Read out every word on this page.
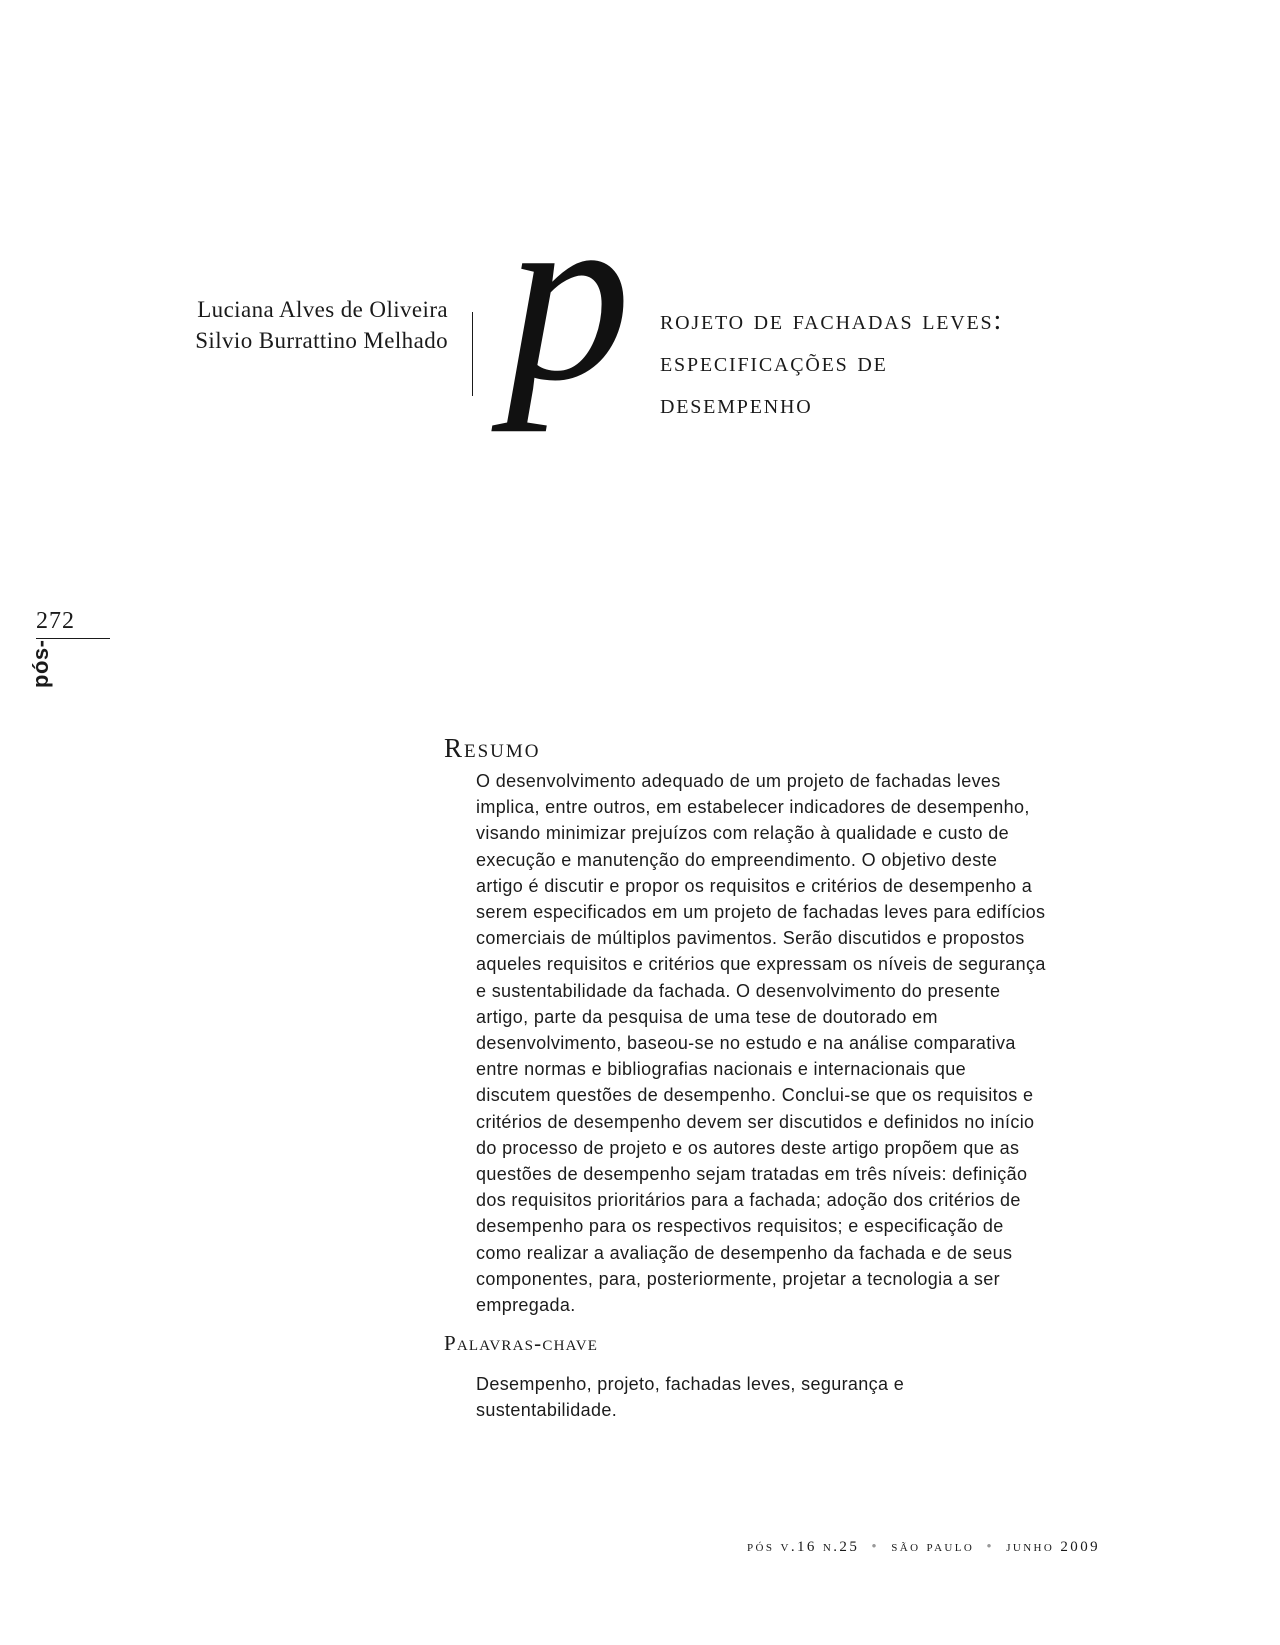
Luciana Alves de Oliveira
Silvio Burrattino Melhado p rojeto de fachadas leves:
especificações de
desempenho
272
pós-
Resumo
O desenvolvimento adequado de um projeto de fachadas leves
implica, entre outros, em estabelecer indicadores de desempenho,
visando minimizar prejuízos com relação à qualidade e custo de
execução e manutenção do empreendimento. O objetivo deste
artigo é discutir e propor os requisitos e critérios de desempenho a
serem especificados em um projeto de fachadas leves para edifícios
comerciais de múltiplos pavimentos. Serão discutidos e propostos
aqueles requisitos e critérios que expressam os níveis de segurança
e sustentabilidade da fachada. O desenvolvimento do presente
artigo, parte da pesquisa de uma tese de doutorado em
desenvolvimento, baseou-se no estudo e na análise comparativa
entre normas e bibliografias nacionais e internacionais que
discutem questões de desempenho. Conclui-se que os requisitos e
critérios de desempenho devem ser discutidos e definidos no início
do processo de projeto e os autores deste artigo propõem que as
questões de desempenho sejam tratadas em três níveis: definição
dos requisitos prioritários para a fachada; adoção dos critérios de
desempenho para os respectivos requisitos; e especificação de
como realizar a avaliação de desempenho da fachada e de seus
componentes, para, posteriormente, projetar a tecnologia a ser
empregada.
Palavras-chave
Desempenho, projeto, fachadas leves, segurança e
sustentabilidade.
pós v.16 n.25 • são paulo • junho 2009
